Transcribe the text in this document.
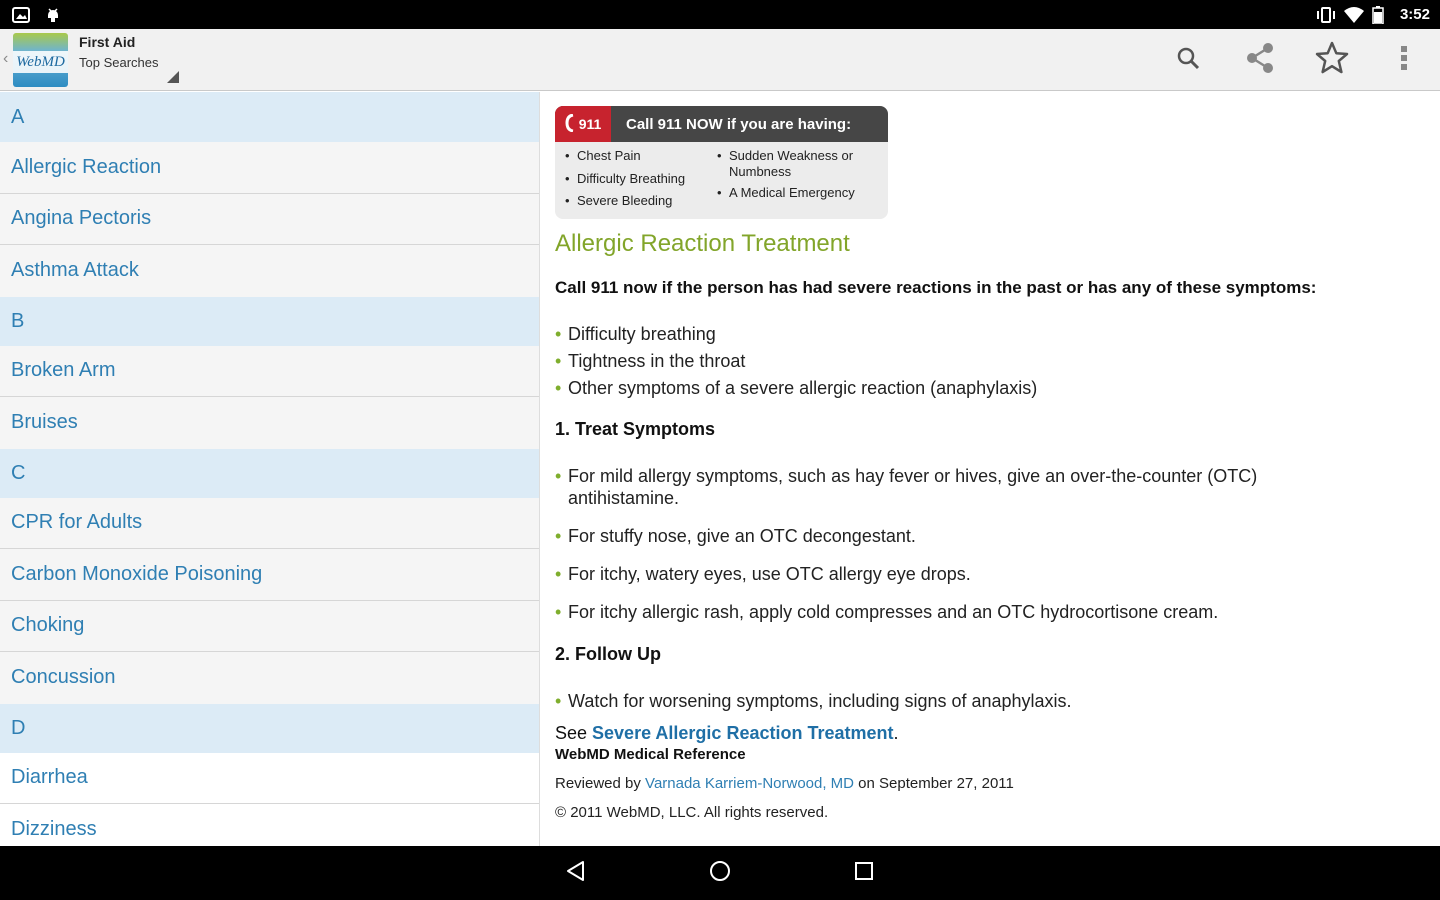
3:52
‹ WebMD
First Aid
Top Searches
A
Allergic Reaction
Angina Pectoris
Asthma Attack
B
Broken Arm
Bruises
C
CPR for Adults
Carbon Monoxide Poisoning
Choking
Concussion
D
Diarrhea
Dizziness
911	Call 911 NOW if you are having:
• Chest Pain
• Difficulty Breathing
• Severe Bleeding
• Sudden Weakness or Numbness
• A Medical Emergency
Allergic Reaction Treatment
Call 911 now if the person has had severe reactions in the past or has any of these symptoms:
• Difficulty breathing
• Tightness in the throat
• Other symptoms of a severe allergic reaction (anaphylaxis)
1. Treat Symptoms
• For mild allergy symptoms, such as hay fever or hives, give an over-the-counter (OTC) antihistamine.
• For stuffy nose, give an OTC decongestant.
• For itchy, watery eyes, use OTC allergy eye drops.
• For itchy allergic rash, apply cold compresses and an OTC hydrocortisone cream.
2. Follow Up
• Watch for worsening symptoms, including signs of anaphylaxis.
See Severe Allergic Reaction Treatment.
WebMD Medical Reference
Reviewed by Varnada Karriem-Norwood, MD on September 27, 2011
© 2011 WebMD, LLC. All rights reserved.
